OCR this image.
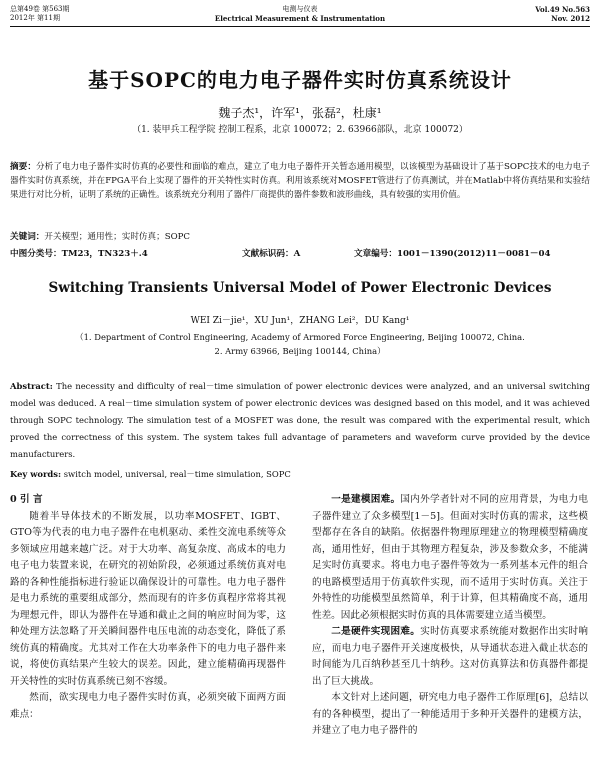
总第49卷 第563期
2012年 第11期
电测与仪表
Electrical Measurement & Instrumentation
Vol.49 No.563
Nov. 2012
基于SOPC的电力电子器件实时仿真系统设计
魏子杰¹，许军¹，张磊²，杜康¹
（1. 装甲兵工程学院 控制工程系，北京 100072；2. 63966部队，北京 100072）
摘要：分析了电力电子器件实时仿真的必要性和面临的难点，建立了电力电子器件开关暂态通用模型，以该模型为基础设计了基于SOPC技术的电力电子器件实时仿真系统，并在FPGA平台上实现了器件的开关特性实时仿真。利用该系统对MOSFET管进行了仿真测试，并在Matlab中将仿真结果和实验结果进行对比分析，证明了系统的正确性。该系统充分利用了器件厂商提供的器件参数和波形曲线，具有较强的实用价值。
关键词：开关模型；通用性；实时仿真；SOPC
中图分类号：TM23，TN323＋.4	文献标识码：A	文章编号：1001－1390(2012)11－0081－04
Switching Transients Universal Model of Power Electronic Devices
WEI Zi－jie¹，XU Jun¹，ZHANG Lei²，DU Kang¹
（1. Department of Control Engineering, Academy of Armored Force Engineering, Beijing 100072, China.
2. Army 63966, Beijing 100144, China）
Abstract: The necessity and difficulty of real－time simulation of power electronic devices were analyzed, and an universal switching model was deduced. A real－time simulation system of power electronic devices was designed based on this model, and it was achieved through SOPC technology. The simulation test of a MOSFET was done, the result was compared with the experimental result, which proved the correctness of this system. The system takes full advantage of parameters and waveform curve provided by the device manufacturers.
Key words: switch model, universal, real－time simulation, SOPC

0 引 言

随着半导体技术的不断发展，以功率MOSFET、IGBT、GTO等为代表的电力电子器件在电机驱动、柔性交流电系统等众多领域应用越来越广泛。对于大功率、高复杂度、高成本的电力电子电力装置来说，在研究的初始阶段，必须通过系统仿真对电路的各种性能指标进行验证以确保设计的可靠性。电力电子器件是电力系统的重要组成部分，然而现有的许多仿真程序常将其视为理想元件，即认为器件在导通和截止之间的响应时间为零，这种处理方法忽略了开关瞬间器件电压电流的动态变化，降低了系统仿真的精确度。尤其对工作在大功率条件下的电力电子器件来说，将使仿真结果产生较大的误差。因此，建立能精确再现器件开关特性的实时仿真系统已刻不容缓。

然而，欲实现电力电子器件实时仿真，必须突破下面两方面难点：

一是建模困难。国内外学者针对不同的应用背景，为电力电子器件建立了众多模型[1－5]。但面对实时仿真的需求，这些模型都存在各自的缺陷。依据器件物理原理建立的物理模型精确度高，通用性好，但由于其物理方程复杂，涉及参数众多，不能满足实时仿真要求。将电力电子器件等效为一系列基本元件的组合的电路模型适用于仿真软件实现，而不适用于实时仿真。关注于外特性的功能模型虽然简单，利于计算，但其精确度不高，通用性差。因此必须根据实时仿真的具体需要建立适当模型。

二是硬件实现困难。实时仿真要求系统能对数据作出实时响应，而电力电子器件开关速度极快，从导通状态进入截止状态的时间能为几百纳秒甚至几十纳秒。这对仿真算法和仿真器件都提出了巨大挑战。

本文针对上述问题，研究电力电子器件工作原理[6]，总结以有的各种模型，提出了一种能适用于多种开关器件的建模方法，并建立了电力电子器件的
